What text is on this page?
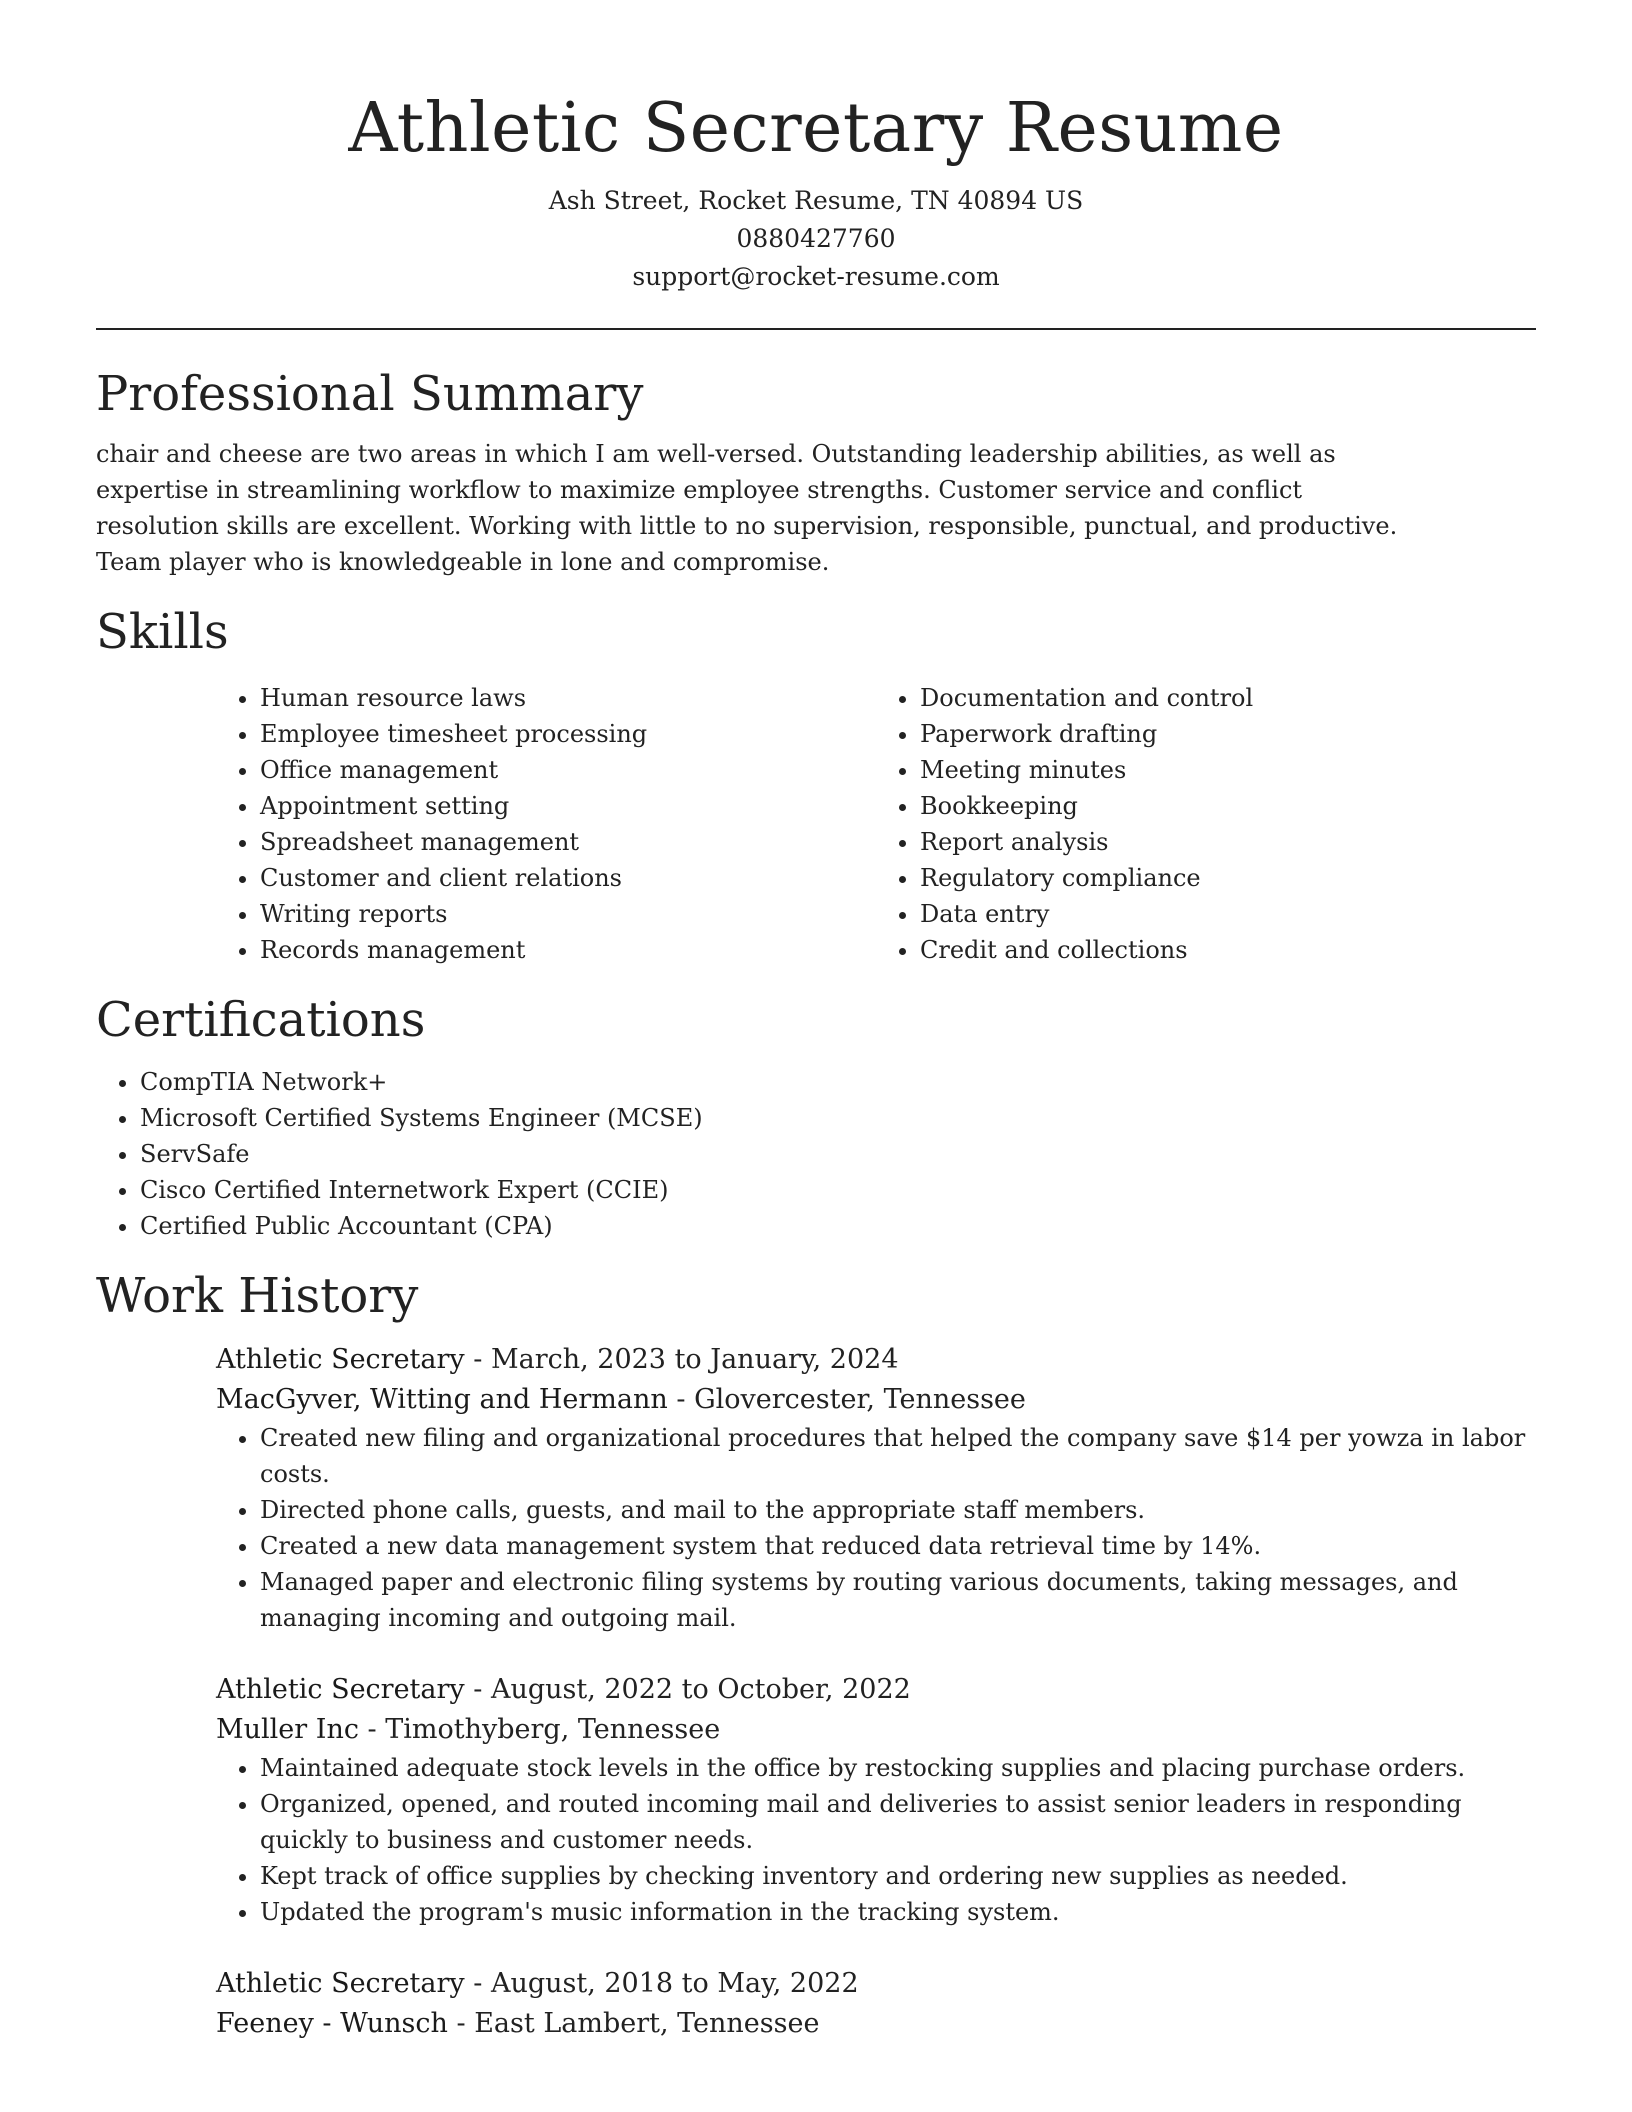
Athletic Secretary Resume
Ash Street, Rocket Resume, TN 40894 US
0880427760
support@rocket-resume.com
Professional Summary

chair and cheese are two areas in which I am well-versed. Outstanding leadership abilities, as well as expertise in streamlining workflow to maximize employee strengths. Customer service and conflict resolution skills are excellent. Working with little to no supervision, responsible, punctual, and productive. Team player who is knowledgeable in lone and compromise.

Skills
• Human resource laws
• Employee timesheet processing
• Office management
• Appointment setting
• Spreadsheet management
• Customer and client relations
• Writing reports
• Records management
• Documentation and control
• Paperwork drafting
• Meeting minutes
• Bookkeeping
• Report analysis
• Regulatory compliance
• Data entry
• Credit and collections
Certifications
• CompTIA Network+
• Microsoft Certified Systems Engineer (MCSE)
• ServSafe
• Cisco Certified Internetwork Expert (CCIE)
• Certified Public Accountant (CPA)
Work History
Athletic Secretary - March, 2023 to January, 2024
MacGyver, Witting and Hermann - Glovercester, Tennessee
• Created new filing and organizational procedures that helped the company save $14 per yowza in labor costs.
• Directed phone calls, guests, and mail to the appropriate staff members.
• Created a new data management system that reduced data retrieval time by 14%.
• Managed paper and electronic filing systems by routing various documents, taking messages, and managing incoming and outgoing mail.
Athletic Secretary - August, 2022 to October, 2022
Muller Inc - Timothyberg, Tennessee
• Maintained adequate stock levels in the office by restocking supplies and placing purchase orders.
• Organized, opened, and routed incoming mail and deliveries to assist senior leaders in responding quickly to business and customer needs.
• Kept track of office supplies by checking inventory and ordering new supplies as needed.
• Updated the program's music information in the tracking system.
Athletic Secretary - August, 2018 to May, 2022
Feeney - Wunsch - East Lambert, Tennessee
